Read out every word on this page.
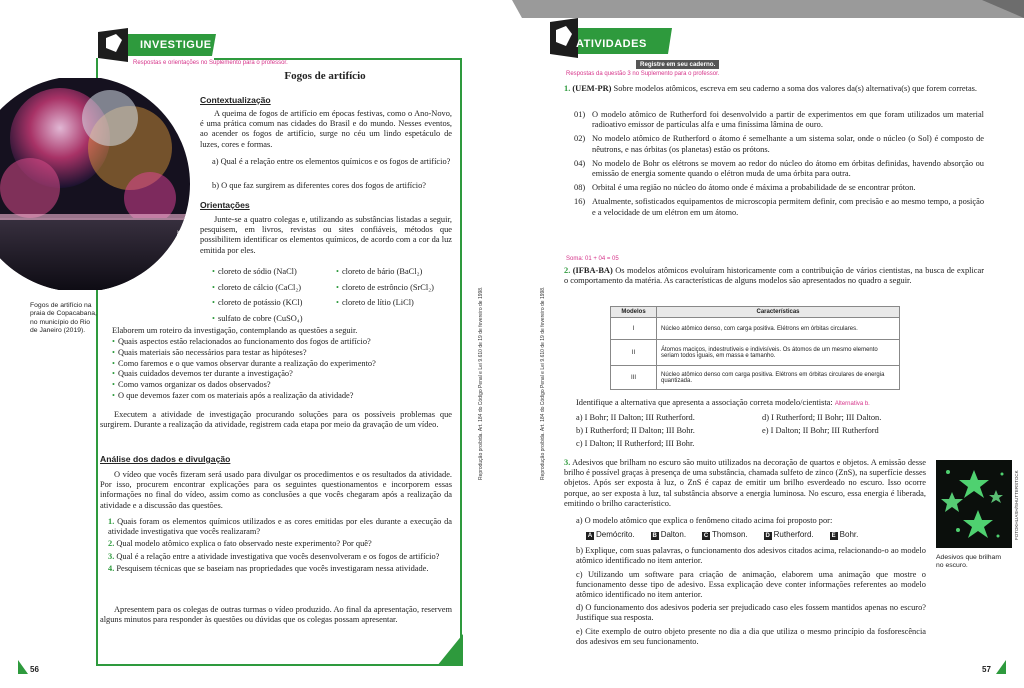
INVESTIGUE
Respostas e orientações no Suplemento para o professor.
Fogos de artifício
PHOTOCREDITGIULIANO/SHUTTERSTOCK
Fogos de artifício na praia de Copacabana, no município do Rio de Janeiro (2019).
Contextualização
A queima de fogos de artifício em épocas festivas, como o Ano-Novo, é uma prática comum nas cidades do Brasil e do mundo. Nesses eventos, ao acender os fogos de artifício, surge no céu um lindo espetáculo de luzes, cores e formas.
a) Qual é a relação entre os elementos químicos e os fogos de artifício?
b) O que faz surgirem as diferentes cores dos fogos de artifício?
Orientações
Junte-se a quatro colegas e, utilizando as substâncias listadas a seguir, pesquisem, em livros, revistas ou sites confiáveis, métodos que possibilitem identificar os elementos químicos, de acordo com a cor da luz emitida por eles.
• cloreto de sódio (NaCl)
• cloreto de cálcio (CaCl₂)
• cloreto de potássio (KCl)
• sulfato de cobre (CuSO₄)
• cloreto de bário (BaCl₂)
• cloreto de estrôncio (SrCl₂)
• cloreto de lítio (LiCl)
Elaborem um roteiro da investigação, contemplando as questões a seguir.
• Quais aspectos estão relacionados ao funcionamento dos fogos de artifício?
• Quais materiais são necessários para testar as hipóteses?
• Como faremos e o que vamos observar durante a realização do experimento?
• Quais cuidados devemos ter durante a investigação?
• Como vamos organizar os dados observados?
• O que devemos fazer com os materiais após a realização da atividade?
Executem a atividade de investigação procurando soluções para os possíveis problemas que surgirem. Durante a realização da atividade, registrem cada etapa por meio da gravação de um vídeo.
Análise dos dados e divulgação
O vídeo que vocês fizeram será usado para divulgar os procedimentos e os resultados da atividade. Por isso, procurem encontrar explicações para os seguintes questionamentos e incorporem essas informações no final do vídeo, assim como as conclusões a que vocês chegaram após a realização da atividade e a discussão das questões.
1. Quais foram os elementos químicos utilizados e as cores emitidas por eles durante a execução da atividade investigativa que vocês realizaram?
2. Qual modelo atômico explica o fato observado neste experimento? Por quê?
3. Qual é a relação entre a atividade investigativa que vocês desenvolveram e os fogos de artifício?
4. Pesquisem técnicas que se baseiam nas propriedades que vocês investigaram nessa atividade.
Apresentem para os colegas de outras turmas o vídeo produzido. Ao final da apresentação, reservem alguns minutos para responder às questões ou dúvidas que os colegas possam apresentar.
56
Reprodução proibida. Art. 184 do Código Penal e Lei 9.610 de 19 de fevereiro de 1998.
ATIVIDADES
Registre em seu caderno.
Respostas da questão 3 no Suplemento para o professor.
1. (UEM-PR) Sobre modelos atômicos, escreva em seu caderno a soma dos valores da(s) alternativa(s) que forem corretas.
01) O modelo atômico de Rutherford foi desenvolvido a partir de experimentos em que foram utilizados um material radioativo emissor de partículas alfa e uma finíssima lâmina de ouro.
02) No modelo atômico de Rutherford o átomo é semelhante a um sistema solar, onde o núcleo (o Sol) é composto de nêutrons, e nas órbitas (os planetas) estão os prótons.
04) No modelo de Bohr os elétrons se movem ao redor do núcleo do átomo em órbitas definidas, havendo absorção ou emissão de energia somente quando o elétron muda de uma órbita para outra.
08) Orbital é uma região no núcleo do átomo onde é máxima a probabilidade de se encontrar próton.
16) Atualmente, sofisticados equipamentos de microscopia permitem definir, com precisão e ao mesmo tempo, a posição e a velocidade de um elétron em um átomo.
Soma: 01 + 04 = 05
2. (IFBA-BA) Os modelos atômicos evoluíram historicamente com a contribuição de vários cientistas, na busca de explicar o comportamento da matéria. As características de alguns modelos são apresentados no quadro a seguir.
Modelos	Características
I	Núcleo atômico denso, com carga positiva. Elétrons em órbitas circulares.
II	Átomos maciços, indestrutíveis e indivisíveis. Os átomos de um mesmo elemento seriam todos iguais, em massa e tamanho.
III	Núcleo atômico denso com carga positiva. Elétrons em órbitas circulares de energia quantizada.
Identifique a alternativa que apresenta a associação correta modelo/cientista: Alternativa b.
a) I Bohr; II Dalton; III Rutherford.
b) I Rutherford; II Dalton; III Bohr.
c) I Dalton; II Rutherford; III Bohr.
d) I Rutherford; II Bohr; III Dalton.
e) I Dalton; II Bohr; III Rutherford
3. Adesivos que brilham no escuro são muito utilizados na decoração de quartos e objetos. A emissão desse brilho é possível graças à presença de uma substância, chamada sulfeto de zinco (ZnS), na superfície desses objetos. Após ser exposta à luz, o ZnS é capaz de emitir um brilho esverdeado no escuro. Isso ocorre porque, ao ser exposta à luz, tal substância absorve a energia luminosa. No escuro, essa energia é liberada, emitindo o brilho característico.
a) O modelo atômico que explica o fenômeno citado acima foi proposto por:
A Demócrito.	B Dalton.	C Thomson.	D Rutherford.	E Bohr.
b) Explique, com suas palavras, o funcionamento dos adesivos citados acima, relacionando-o ao modelo atômico identificado no item anterior.
c) Utilizando um software para criação de animação, elaborem uma animação que mostre o funcionamento desse tipo de adesivo. Essa explicação deve conter informações referentes ao modelo atômico identificado no item anterior.
d) O funcionamento dos adesivos poderia ser prejudicado caso eles fossem mantidos apenas no escuro? Justifique sua resposta.
e) Cite exemplo de outro objeto presente no dia a dia que utiliza o mesmo princípio da fosforescência dos adesivos em seu funcionamento.
FOTOKHLIASH/SHUTTERSTOCK
Adesivos que brilham no escuro.
57
Reprodução proibida. Art. 184 do Código Penal e Lei 9.610 de 19 de fevereiro de 1998.
